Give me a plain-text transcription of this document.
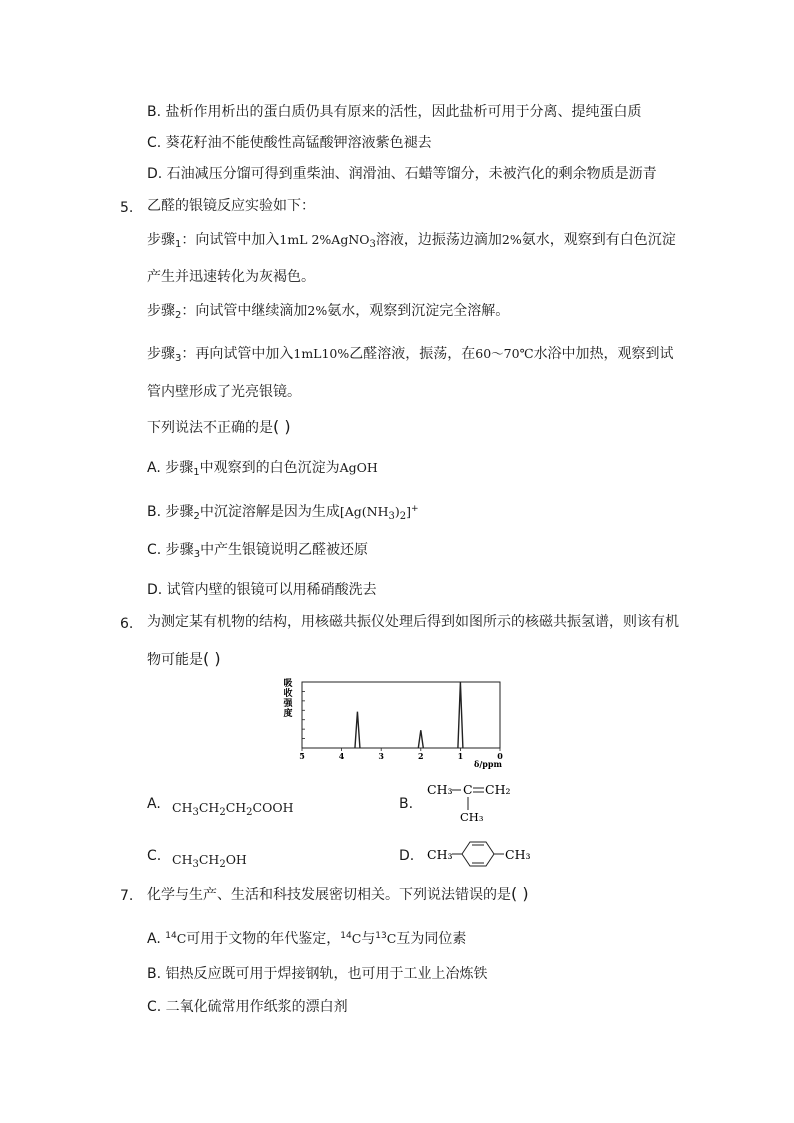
B. 盐析作用析出的蛋白质仍具有原来的活性，因此盐析可用于分离、提纯蛋白质
C. 葵花籽油不能使酸性高锰酸钾溶液紫色褪去
D. 石油减压分馏可得到重柴油、润滑油、石蜡等馏分，未被汽化的剩余物质是沥青
5. 乙醛的银镜反应实验如下：
步骤$_1$：向试管中加入1mL 2%AgNO$_3$溶液，边振荡边滴加2%氨水，观察到有白色沉淀
产生并迅速转化为灰褐色。
步骤$_2$：向试管中继续滴加2%氨水，观察到沉淀完全溶解。
步骤$_3$：再向试管中加入1mL10%乙醛溶液，振荡，在60～70℃水浴中加热，观察到试
管内壁形成了光亮银镜。
下列说法不正确的是( )
A. 步骤$_1$中观察到的白色沉淀为AgOH
B. 步骤$_2$中沉淀溶解是因为生成$[Ag(NH_3)_2]^+$
C. 步骤$_3$中产生银镜说明乙醛被还原
D. 试管内壁的银镜可以用稀硝酸洗去
6. 为测定某有机物的结构，用核磁共振仪处理后得到如图所示的核磁共振氢谱，则该有机
物可能是( )
吸
收
强
度
5	4	3	2	1	0
δ/ppm
A. $CH_3CH_2CH_2COOH$	B.
CH₃ C CH₂
CH₃
C. $CH_3CH_2OH$	D. CH₃	CH₃
7. 化学与生产、生活和科技发展密切相关。下列说法错误的是( )
A. $^{14}$C可用于文物的年代鉴定，$^{14}$C与$^{13}$C互为同位素
B. 铝热反应既可用于焊接钢轨，也可用于工业上冶炼铁
C. 二氧化硫常用作纸浆的漂白剂
